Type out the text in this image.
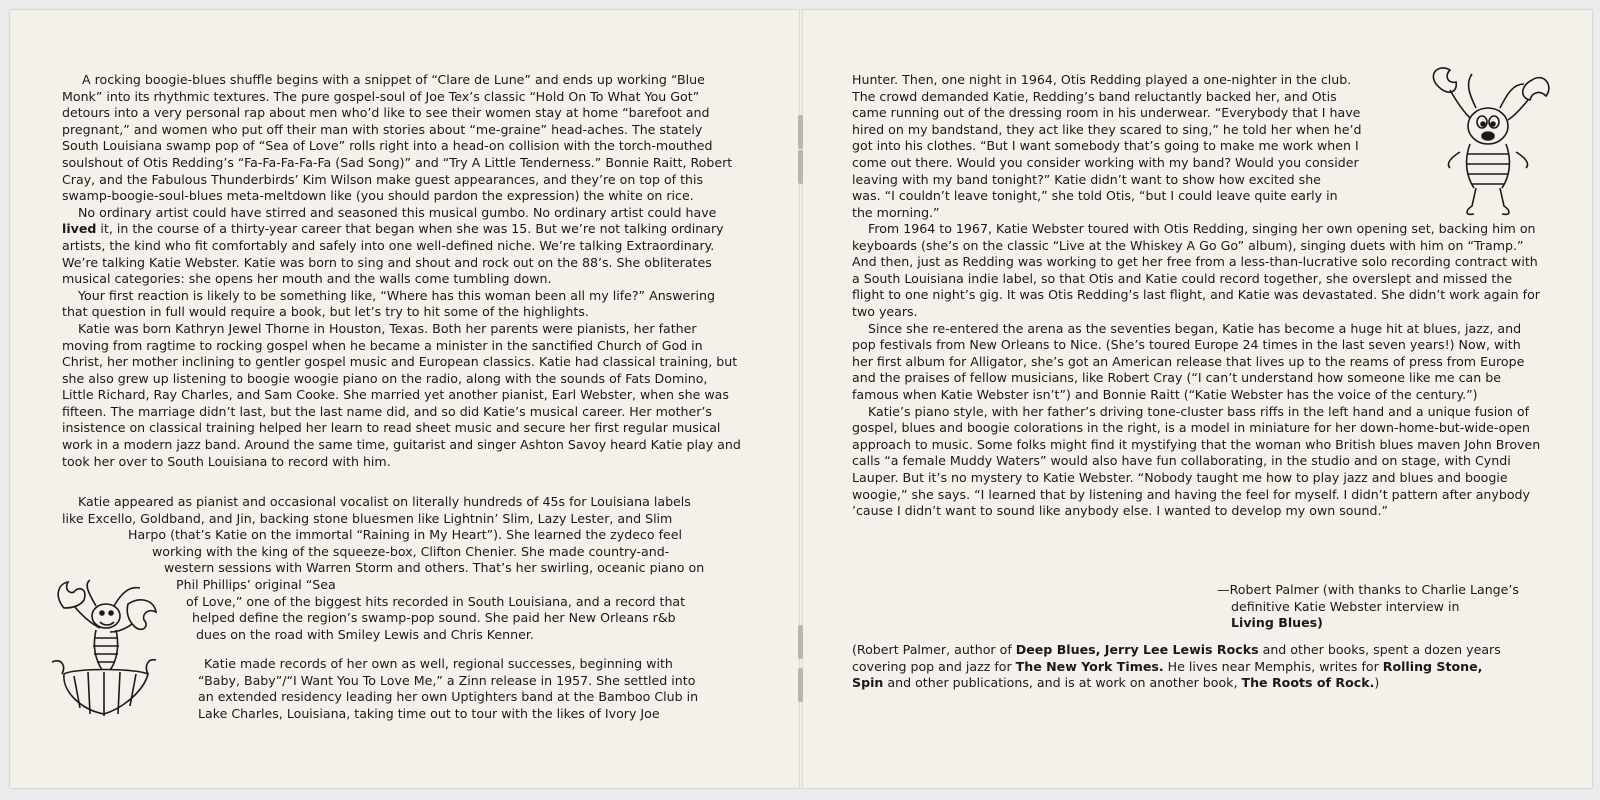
A rocking boogie-blues shuffle begins with a snippet of “Clare de Lune” and ends up working “Blue Monk” into its rhythmic textures. The pure gospel-soul of Joe Tex’s classic “Hold On To What You Got” detours into a very personal rap about men who’d like to see their women stay at home “barefoot and pregnant,” and women who put off their man with stories about “me-graine” head-aches. The stately South Louisiana swamp pop of “Sea of Love” rolls right into a head-on collision with the torch-mouthed soulshout of Otis Redding’s “Fa-Fa-Fa-Fa-Fa (Sad Song)” and “Try A Little Tenderness.” Bonnie Raitt, Robert Cray, and the Fabulous Thunderbirds’ Kim Wilson make guest appearances, and they’re on top of this swamp-boogie-soul-blues meta-meltdown like (you should pardon the expression) the white on rice.

No ordinary artist could have stirred and seasoned this musical gumbo. No ordinary artist could have lived it, in the course of a thirty-year career that began when she was 15. But we’re not talking ordinary artists, the kind who fit comfortably and safely into one well-defined niche. We’re talking Extraordinary. We’re talking Katie Webster. Katie was born to sing and shout and rock out on the 88’s. She obliterates musical categories: she opens her mouth and the walls come tumbling down.

Your first reaction is likely to be something like, “Where has this woman been all my life?” Answering that question in full would require a book, but let’s try to hit some of the highlights.

Katie was born Kathryn Jewel Thorne in Houston, Texas. Both her parents were pianists, her father moving from ragtime to rocking gospel when he became a minister in the sanctified Church of God in Christ, her mother inclining to gentler gospel music and European classics. Katie had classical training, but she also grew up listening to boogie woogie piano on the radio, along with the sounds of Fats Domino, Little Richard, Ray Charles, and Sam Cooke. She married yet another pianist, Earl Webster, when she was fifteen. The marriage didn’t last, but the last name did, and so did Katie’s musical career. Her mother’s insistence on classical training helped her learn to read sheet music and secure her first regular musical work in a modern jazz band. Around the same time, guitarist and singer Ashton Savoy heard Katie play and took her over to South Louisiana to record with him.

Katie appeared as pianist and occasional vocalist on literally hundreds of 45s for Louisiana labels
like Excello, Goldband, and Jin, backing stone bluesmen like Lightnin’ Slim, Lazy Lester, and Slim
Harpo (that’s Katie on the immortal “Raining in My Heart”). She learned the zydeco feel
working with the king of the squeeze-box, Clifton Chenier. She made country-and-
western sessions with Warren Storm and others. That’s her swirling, oceanic piano on
Phil Phillips’ original “Sea
of Love,” one of the biggest hits recorded in South Louisiana, and a record that
helped define the region’s swamp-pop sound. She paid her New Orleans r&b
dues on the road with Smiley Lewis and Chris Kenner.
Katie made records of her own as well, regional successes, beginning with
“Baby, Baby”/“I Want You To Love Me,” a Zinn release in 1957. She settled into
an extended residency leading her own Uptighters band at the Bamboo Club in
Lake Charles, Louisiana, taking time out to tour with the likes of Ivory Joe
Hunter. Then, one night in 1964, Otis Redding played a one-nighter in the club.
The crowd demanded Katie, Redding’s band reluctantly backed her, and Otis
came running out of the dressing room in his underwear. “Everybody that I have
hired on my bandstand, they act like they scared to sing,” he told her when he’d
got into his clothes. “But I want somebody that’s going to make me work when I
come out there. Would you consider working with my band? Would you consider
leaving with my band tonight?” Katie didn’t want to show how excited she
was. “I couldn’t leave tonight,” she told Otis, “but I could leave quite early in
the morning.”

From 1964 to 1967, Katie Webster toured with Otis Redding, singing her own opening set, backing him on keyboards (she’s on the classic “Live at the Whiskey A Go Go” album), singing duets with him on “Tramp.” And then, just as Redding was working to get her free from a less-than-lucrative solo recording contract with a South Louisiana indie label, so that Otis and Katie could record together, she overslept and missed the flight to one night’s gig. It was Otis Redding’s last flight, and Katie was devastated. She didn’t work again for two years.

Since she re-entered the arena as the seventies began, Katie has become a huge hit at blues, jazz, and pop festivals from New Orleans to Nice. (She’s toured Europe 24 times in the last seven years!) Now, with her first album for Alligator, she’s got an American release that lives up to the reams of press from Europe and the praises of fellow musicians, like Robert Cray (“I can’t understand how someone like me can be famous when Katie Webster isn’t”) and Bonnie Raitt (“Katie Webster has the voice of the century.”)

Katie’s piano style, with her father’s driving tone-cluster bass riffs in the left hand and a unique fusion of gospel, blues and boogie colorations in the right, is a model in miniature for her down-home-but-wide-open approach to music. Some folks might find it mystifying that the woman who British blues maven John Broven calls “a female Muddy Waters” would also have fun collaborating, in the studio and on stage, with Cyndi Lauper. But it’s no mystery to Katie Webster. “Nobody taught me how to play jazz and blues and boogie woogie,” she says. “I learned that by listening and having the feel for myself. I didn’t pattern after anybody ’cause I didn’t want to sound like anybody else. I wanted to develop my own sound.”

—Robert Palmer (with thanks to Charlie Lange’s
definitive Katie Webster interview in
Living Blues)
(Robert Palmer, author of Deep Blues, Jerry Lee Lewis Rocks and other books, spent a dozen years
covering pop and jazz for The New York Times. He lives near Memphis, writes for Rolling Stone,
Spin and other publications, and is at work on another book, The Roots of Rock.)
